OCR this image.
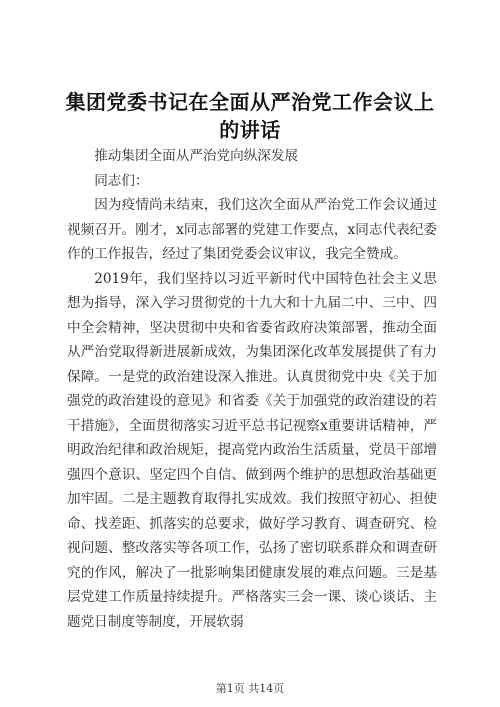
集团党委书记在全面从严治党工作会议上的讲话

推动集团全面从严治党向纵深发展

同志们：

因为疫情尚未结束，我们这次全面从严治党工作会议通过视频召开。刚才，x同志部署的党建工作要点，x同志代表纪委作的工作报告，经过了集团党委会议审议，我完全赞成。

2019年，我们坚持以习近平新时代中国特色社会主义思想为指导，深入学习贯彻党的十九大和十九届二中、三中、四中全会精神，坚决贯彻中央和省委省政府决策部署，推动全面从严治党取得新进展新成效，为集团深化改革发展提供了有力保障。一是党的政治建设深入推进。认真贯彻党中央《关于加强党的政治建设的意见》和省委《关于加强党的政治建设的若干措施》，全面贯彻落实习近平总书记视察x重要讲话精神，严明政治纪律和政治规矩，提高党内政治生活质量，党员干部增强四个意识、坚定四个自信、做到两个维护的思想政治基础更加牢固。二是主题教育取得扎实成效。我们按照守初心、担使命、找差距、抓落实的总要求，做好学习教育、调查研究、检视问题、整改落实等各项工作，弘扬了密切联系群众和调查研究的作风，解决了一批影响集团健康发展的难点问题。三是基层党建工作质量持续提升。严格落实三会一课、谈心谈话、主题党日制度等制度，开展软弱

第1页 共14页
